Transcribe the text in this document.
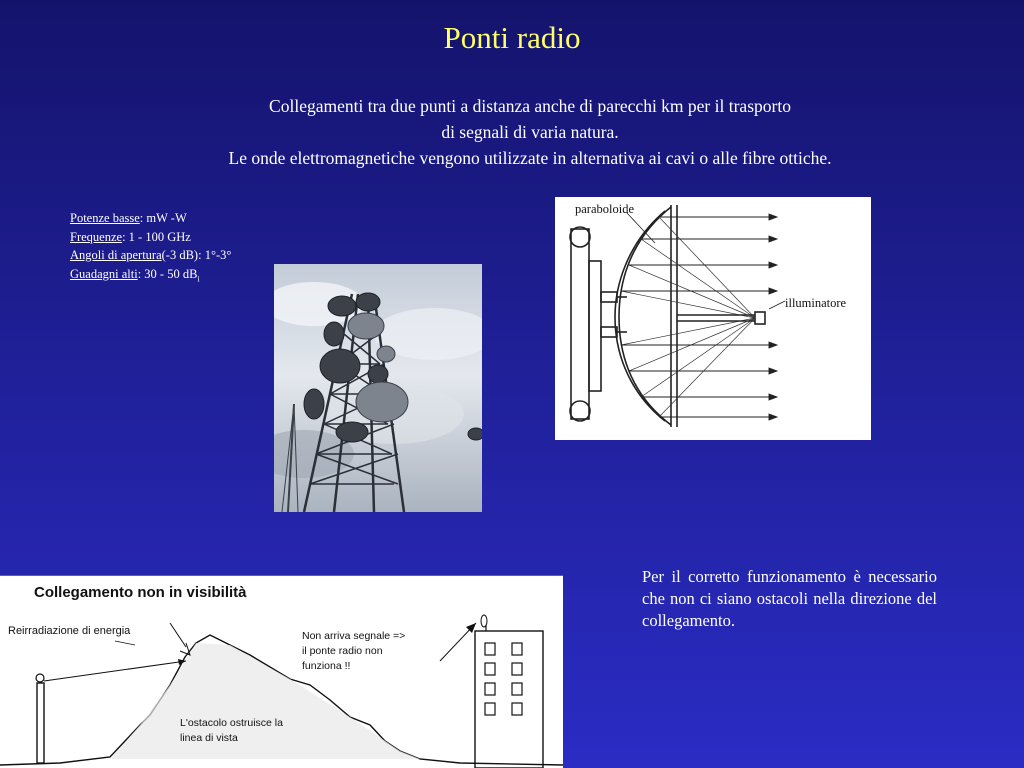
Ponti radio
Collegamenti tra due punti a distanza anche di parecchi km per il trasporto
di segnali di varia natura.
Le onde elettromagnetiche vengono utilizzate in alternativa ai cavi o alle fibre ottiche.
Potenze basse: mW -W
Frequenze: 1 - 100 GHz
Angoli di apertura(-3 dB): 1°-3°
Guadagni alti: 30 - 50 $dB_i$
paraboloide
illuminatore
Collegamento non in visibilità
Reirradiazione di energia	Non arriva segnale =>
il ponte radio non
funziona !!
L'ostacolo ostruisce la
linea di vista
Per il corretto funzionamento è necessario che non ci siano ostacoli nella direzione del collegamento.
